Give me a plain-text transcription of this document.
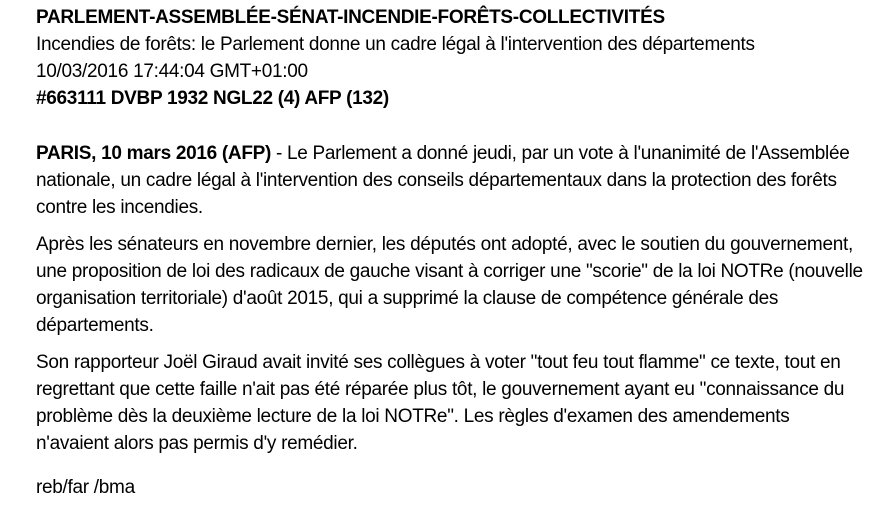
PARLEMENT-ASSEMBLÉE-SÉNAT-INCENDIE-FORÊTS-COLLECTIVITÉS

Incendies de forêts: le Parlement donne un cadre légal à l'intervention des départements

10/03/2016 17:44:04 GMT+01:00

#663111 DVBP 1932 NGL22 (4) AFP (132)

PARIS, 10 mars 2016 (AFP) - Le Parlement a donné jeudi, par un vote à l'unanimité de l'Assemblée nationale, un cadre légal à l'intervention des conseils départementaux dans la protection des forêts contre les incendies.

Après les sénateurs en novembre dernier, les députés ont adopté, avec le soutien du gouvernement, une proposition de loi des radicaux de gauche visant à corriger une "scorie" de la loi NOTRe (nouvelle organisation territoriale) d'août 2015, qui a supprimé la clause de compétence générale des départements.

Son rapporteur Joël Giraud avait invité ses collègues à voter "tout feu tout flamme" ce texte, tout en regrettant que cette faille n'ait pas été réparée plus tôt, le gouvernement ayant eu "connaissance du problème dès la deuxième lecture de la loi NOTRe". Les règles d'examen des amendements n'avaient alors pas permis d'y remédier.

reb/far /bma
